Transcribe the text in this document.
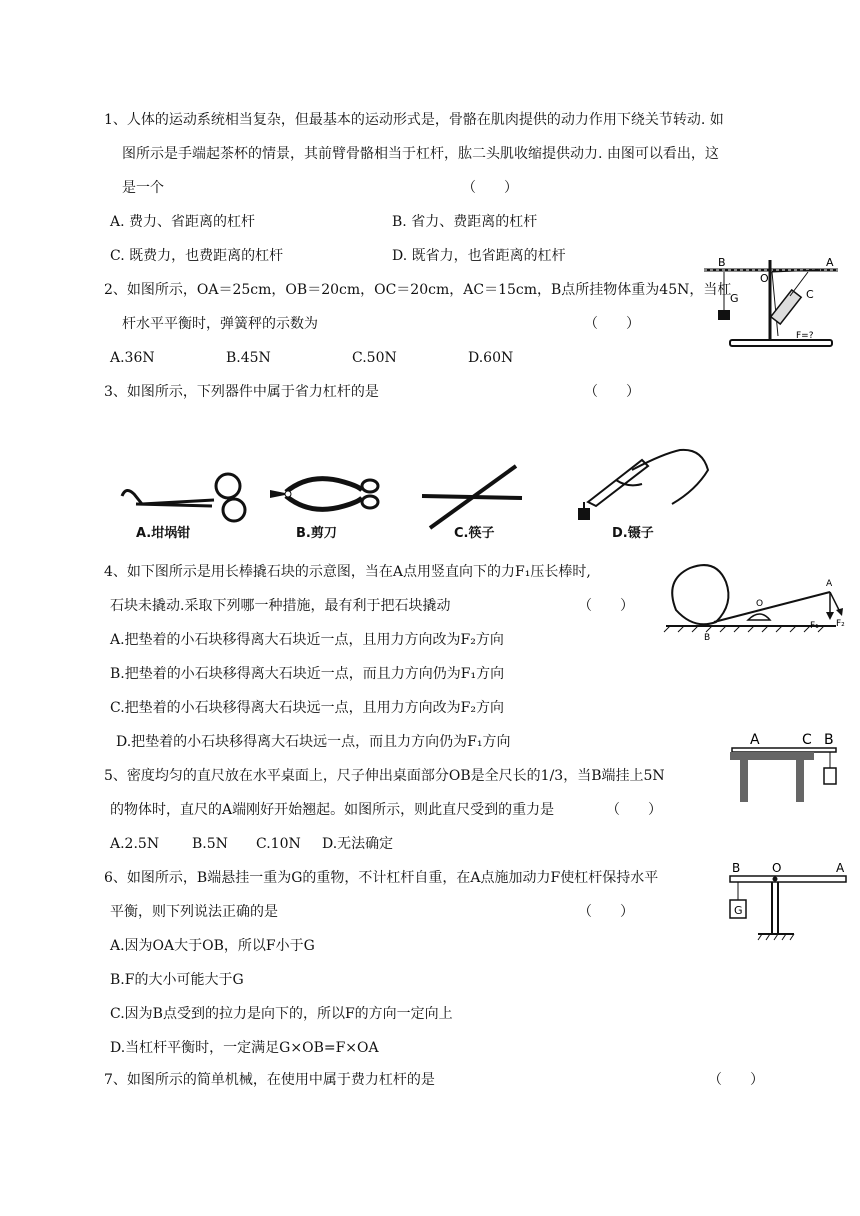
1、人体的运动系统相当复杂，但最基本的运动形式是，骨骼在肌肉提供的动力作用下绕关节转动. 如
图所示是手端起茶杯的情景，其前臂骨骼相当于杠杆，肱二头肌收缩提供动力. 由图可以看出，这
是一个	（　　）
A. 费力、省距离的杠杆	B. 省力、费距离的杠杆
C. 既费力，也费距离的杠杆	D. 既省力，也省距离的杠杆
2、如图所示，OA＝25cm，OB＝20cm，OC＝20cm，AC＝15cm，B点所挂物体重为45N，当杠
杆水平平衡时，弹簧秤的示数为	（　　）
A.36N	B.45N	C.50N	D.60N
B
O
A
G	C
F=?
3、如图所示，下列器件中属于省力杠杆的是	（　　）
A.坩埚钳	B.剪刀	C.筷子	D.镊子
4、如下图所示是用长棒撬石块的示意图，当在A点用竖直向下的力F₁压长棒时,
石块未撬动.采取下列哪一种措施，最有利于把石块撬动	（　　）
A.把垫着的小石块移得离大石块近一点，且用力方向改为F₂方向
B.把垫着的小石块移得离大石块近一点，而且力方向仍为F₁方向
C.把垫着的小石块移得离大石块远一点，且用力方向改为F₂方向
D.把垫着的小石块移得离大石块远一点，而且力方向仍为F₁方向
A
O
B
F₁ F₂
5、密度均匀的直尺放在水平桌面上，尺子伸出桌面部分OB是全尺长的1/3，当B端挂上5N
的物体时，直尺的A端刚好开始翘起。如图所示，则此直尺受到的重力是	（　　）
A.2.5N B.5N C.10N D.无法确定
A	C B
6、如图所示，B端悬挂一重为G的重物，不计杠杆自重，在A点施加动力F使杠杆保持水平
平衡，则下列说法正确的是	（　　）
A.因为OA大于OB，所以F小于G
B.F的大小可能大于G
C.因为B点受到的拉力是向下的，所以F的方向一定向上
D.当杠杆平衡时，一定满足G×OB=F×OA
G
B	O	A
7、如图所示的简单机械，在使用中属于费力杠杆的是	（　　）
